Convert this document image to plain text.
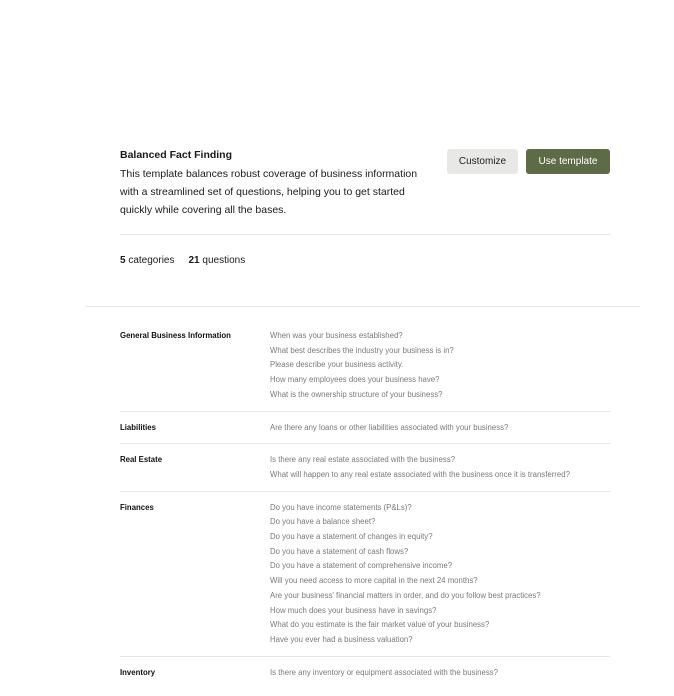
Balanced Fact Finding
This template balances robust coverage of business information with a streamlined set of questions, helping you to get started quickly while covering all the bases.
Customize	Use template
5 categories 21 questions
General Business Information	When was your business established?
What best describes the industry your business is in?
Please describe your business activity.
How many employees does your business have?
What is the ownership structure of your business?
Liabilities	Are there any loans or other liabilities associated with your business?
Real Estate	Is there any real estate associated with the business?
What will happen to any real estate associated with the business once it is transferred?
Finances	Do you have income statements (P&Ls)?
Do you have a balance sheet?
Do you have a statement of changes in equity?
Do you have a statement of cash flows?
Do you have a statement of comprehensive income?
Will you need access to more capital in the next 24 months?
Are your business' financial matters in order, and do you follow best practices?
How much does your business have in savings?
What do you estimate is the fair market value of your business?
Have you ever had a business valuation?
Inventory	Is there any inventory or equipment associated with the business?
